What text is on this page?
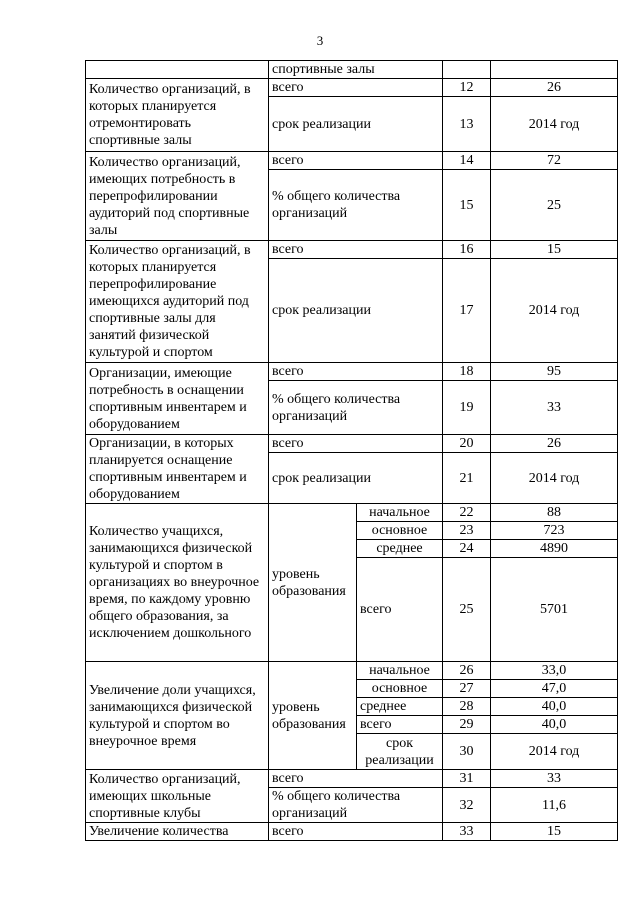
3
	спортивные залы			
Количество организаций, в которых планируется отремонтировать спортивные залы	всего		12	26
	срок реализации		13	2014 год
Количество организаций, имеющих потребность в перепрофилировании аудиторий под спортивные залы	всего		14	72
	% общего количества организаций		15	25
Количество организаций, в которых планируется перепрофилирование имеющихся аудиторий под спортивные залы для занятий физической культурой и спортом	всего		16	15
	срок реализации		17	2014 год
Организации, имеющие потребность в оснащении спортивным инвентарем и оборудованием	всего		18	95
	% общего количества организаций		19	33
Организации, в которых планируется оснащение спортивным инвентарем и оборудованием	всего		20	26
	срок реализации		21	2014 год
Количество учащихся, занимающихся физической культурой и спортом в организациях во внеурочное время, по каждому уровню общего образования, за исключением дошкольного	уровень образования	начальное	22	88
		основное	23	723
		среднее	24	4890
		всего	25	5701
Увеличение доли учащихся, занимающихся физической культурой и спортом во внеурочное время	уровень образования	начальное	26	33,0
		основное	27	47,0
		среднее	28	40,0
		всего	29	40,0
		срок реализации	30	2014 год
Количество организаций, имеющих школьные спортивные клубы	всего		31	33
	% общего количества организаций		32	11,6
Увеличение количества	всего		33	15
